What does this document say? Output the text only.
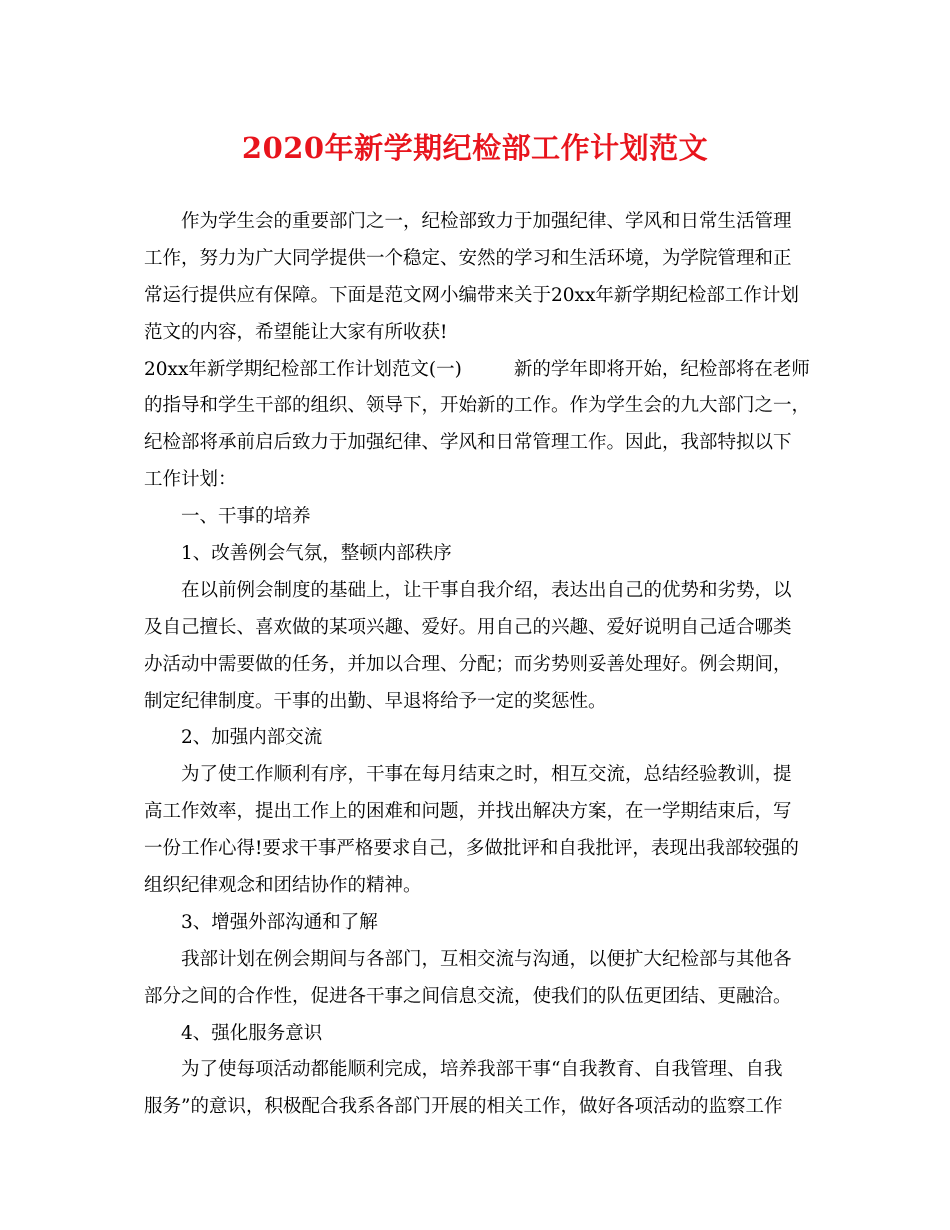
2020年新学期纪检部工作计划范文
作为学生会的重要部门之一，纪检部致力于加强纪律、学风和日常生活管理
工作，努力为广大同学提供一个稳定、安然的学习和生活环境，为学院管理和正
常运行提供应有保障。下面是范文网小编带来关于20xx年新学期纪检部工作计划
范文的内容，希望能让大家有所收获!
20xx年新学期纪检部工作计划范文(一)	新的学年即将开始，纪检部将在老师
的指导和学生干部的组织、领导下，开始新的工作。作为学生会的九大部门之一，
纪检部将承前启后致力于加强纪律、学风和日常管理工作。因此，我部特拟以下
工作计划：
一、干事的培养
1、改善例会气氛，整顿内部秩序
在以前例会制度的基础上，让干事自我介绍，表达出自己的优势和劣势，以
及自己擅长、喜欢做的某项兴趣、爱好。用自己的兴趣、爱好说明自己适合哪类
办活动中需要做的任务，并加以合理、分配；而劣势则妥善处理好。例会期间，
制定纪律制度。干事的出勤、早退将给予一定的奖惩性。
2、加强内部交流
为了使工作顺利有序，干事在每月结束之时，相互交流，总结经验教训，提
高工作效率，提出工作上的困难和问题，并找出解决方案，在一学期结束后，写
一份工作心得!要求干事严格要求自己，多做批评和自我批评，表现出我部较强的
组织纪律观念和团结协作的精神。
3、增强外部沟通和了解
我部计划在例会期间与各部门，互相交流与沟通，以便扩大纪检部与其他各
部分之间的合作性，促进各干事之间信息交流，使我们的队伍更团结、更融洽。
4、强化服务意识
为了使每项活动都能顺利完成，培养我部干事“自我教育、自我管理、自我
服务”的意识，积极配合我系各部门开展的相关工作，做好各项活动的监察工作
